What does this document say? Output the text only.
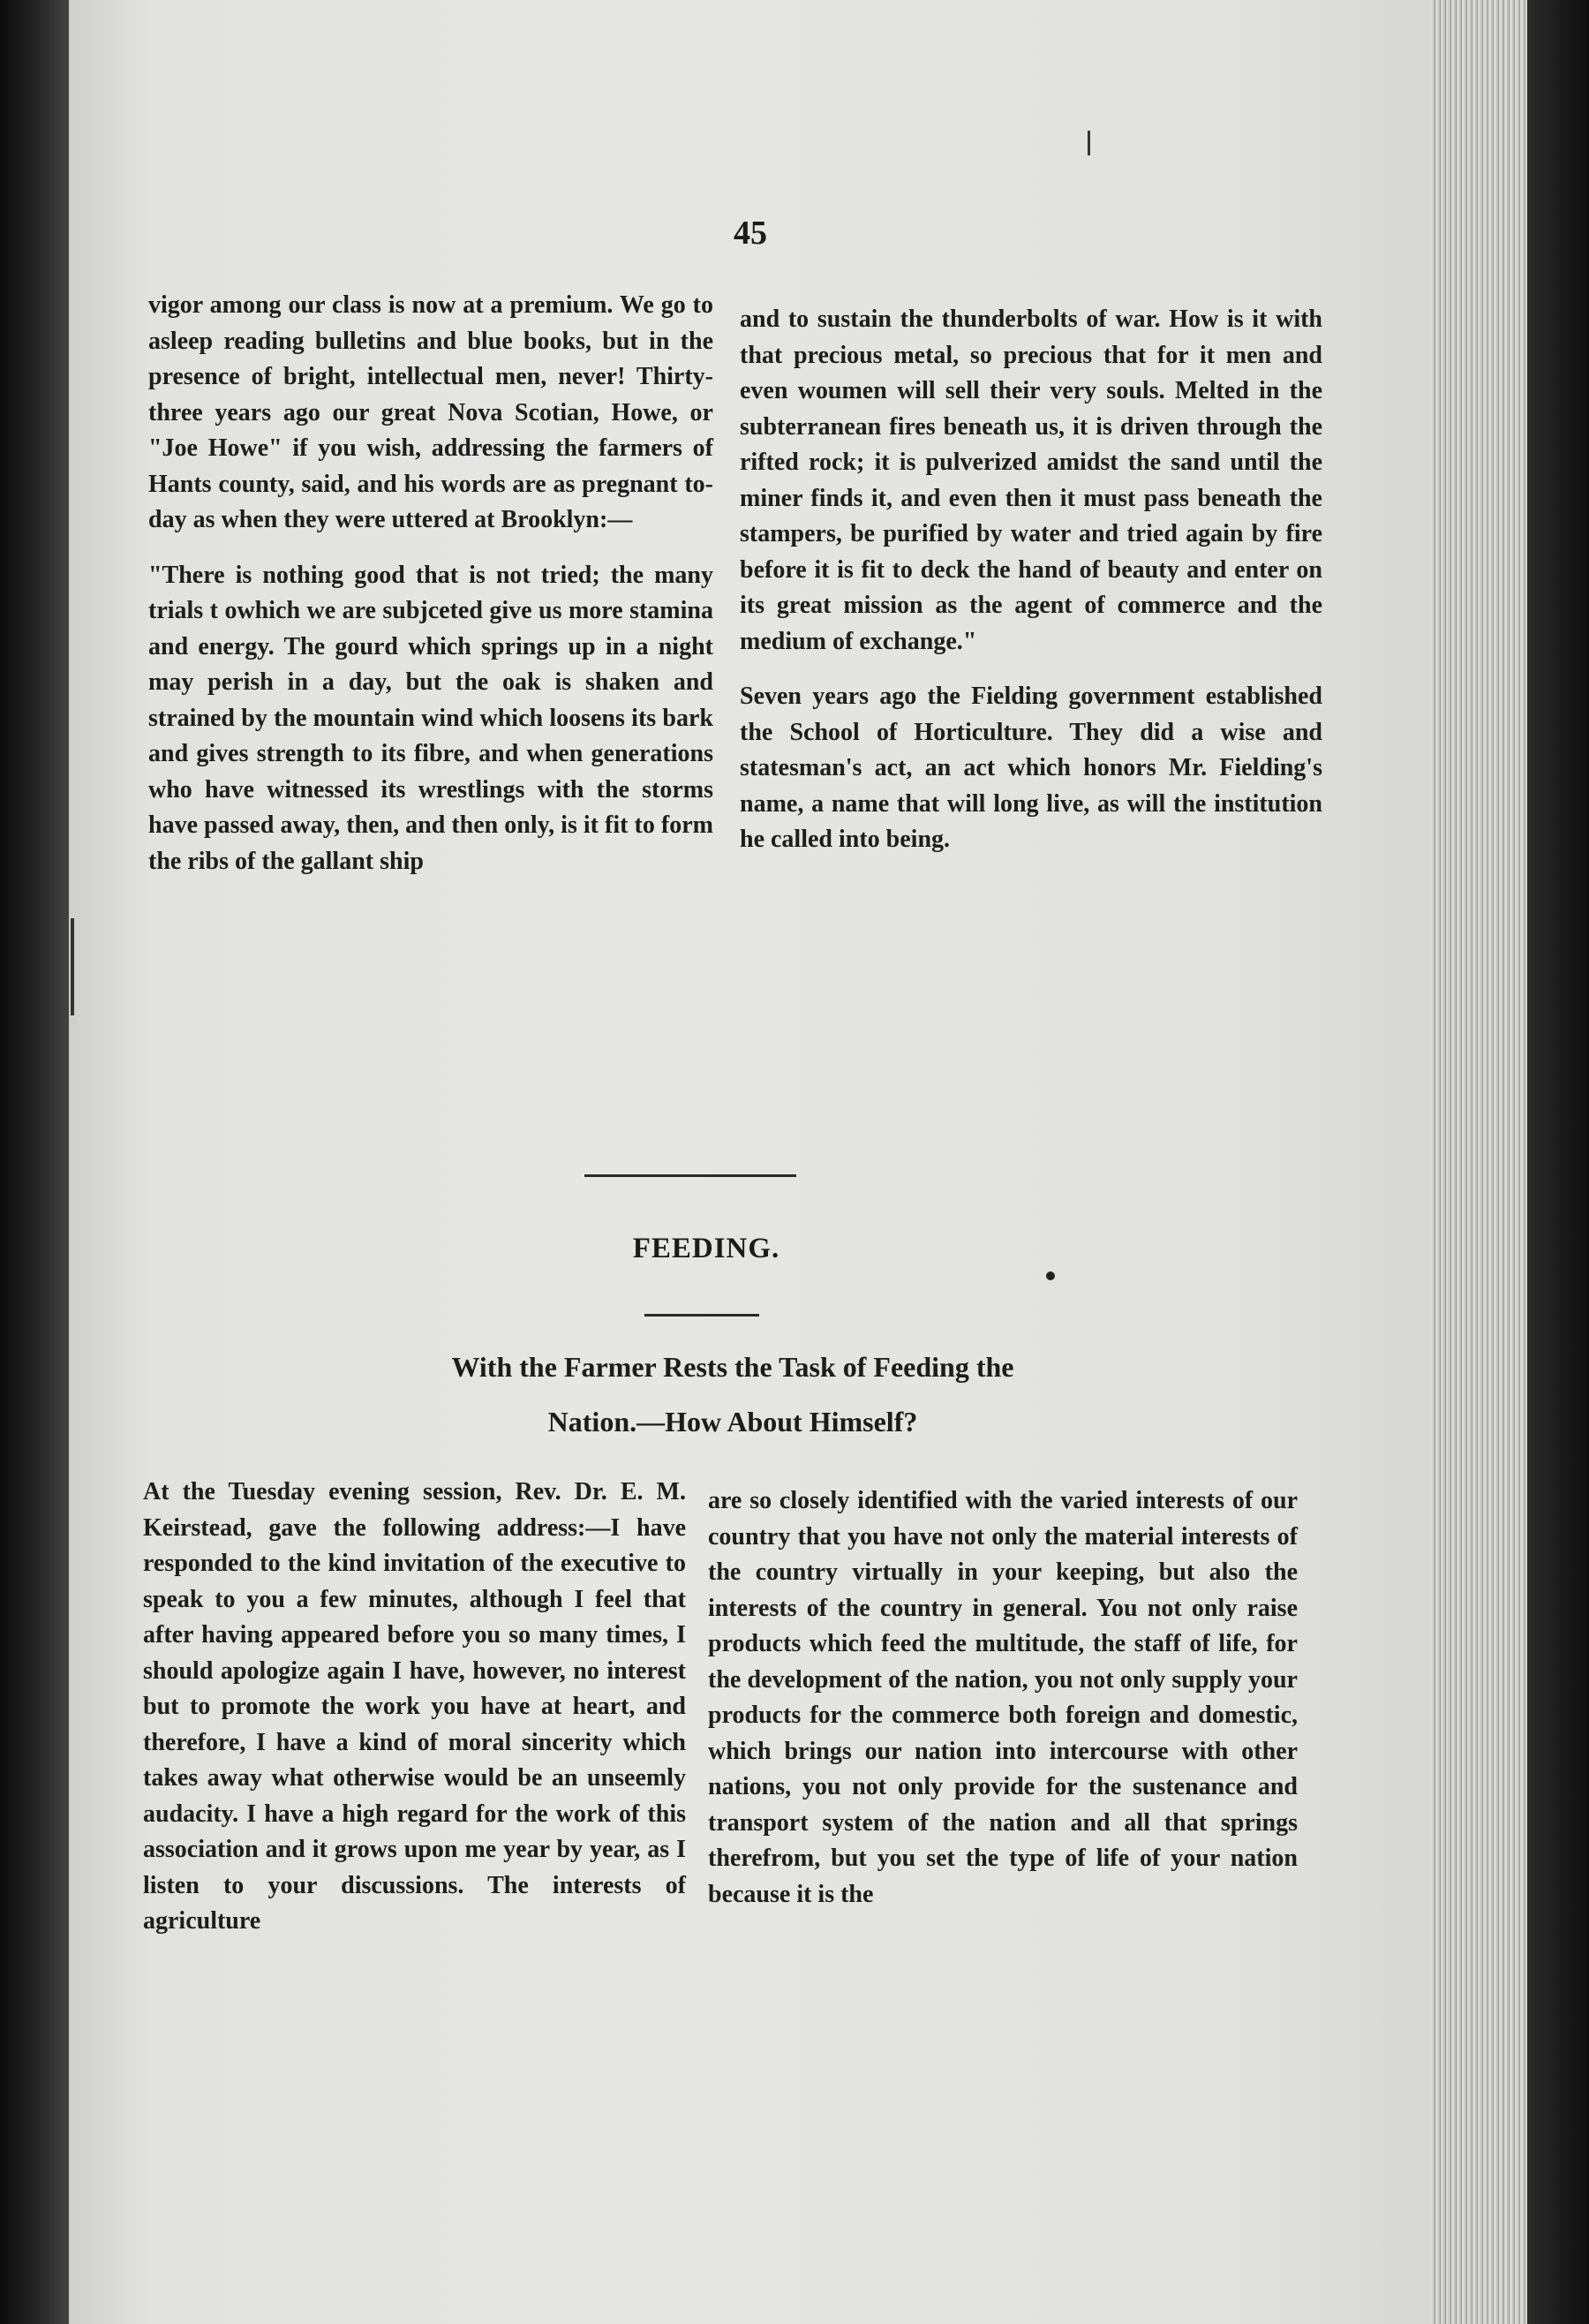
45

vigor among our class is now at a premium. We go to asleep reading bulletins and blue books, but in the presence of bright, intellectual men, never! Thirty-three years ago our great Nova Scotian, Howe, or "Joe Howe" if you wish, addressing the farmers of Hants county, said, and his words are as pregnant to-day as when they were uttered at Brooklyn:—

"There is nothing good that is not tried; the many trials t owhich we are subjceted give us more stamina and energy. The gourd which springs up in a night may perish in a day, but the oak is shaken and strained by the mountain wind which loosens its bark and gives strength to its fibre, and when generations who have witnessed its wrestlings with the storms have passed away, then, and then only, is it fit to form the ribs of the gallant ship

and to sustain the thunderbolts of war. How is it with that precious metal, so precious that for it men and even woumen will sell their very souls. Melted in the subterranean fires beneath us, it is driven through the rifted rock; it is pulverized amidst the sand until the miner finds it, and even then it must pass beneath the stampers, be purified by water and tried again by fire before it is fit to deck the hand of beauty and enter on its great mission as the agent of commerce and the medium of exchange."

Seven years ago the Fielding government established the School of Horticulture. They did a wise and statesman's act, an act which honors Mr. Fielding's name, a name that will long live, as will the institution he called into being.

FEEDING.
With the Farmer Rests the Task of Feeding the
Nation.—How About Himself?

At the Tuesday evening session, Rev. Dr. E. M. Keirstead, gave the following address:—I have responded to the kind invitation of the executive to speak to you a few minutes, although I feel that after having appeared before you so many times, I should apologize again I have, however, no interest but to promote the work you have at heart, and therefore, I have a kind of moral sincerity which takes away what otherwise would be an unseemly audacity. I have a high regard for the work of this association and it grows upon me year by year, as I listen to your discussions. The interests of agriculture

are so closely identified with the varied interests of our country that you have not only the material interests of the country virtually in your keeping, but also the interests of the country in general. You not only raise products which feed the multitude, the staff of life, for the development of the nation, you not only supply your products for the commerce both foreign and domestic, which brings our nation into intercourse with other nations, you not only provide for the sustenance and transport system of the nation and all that springs therefrom, but you set the type of life of your nation because it is the
